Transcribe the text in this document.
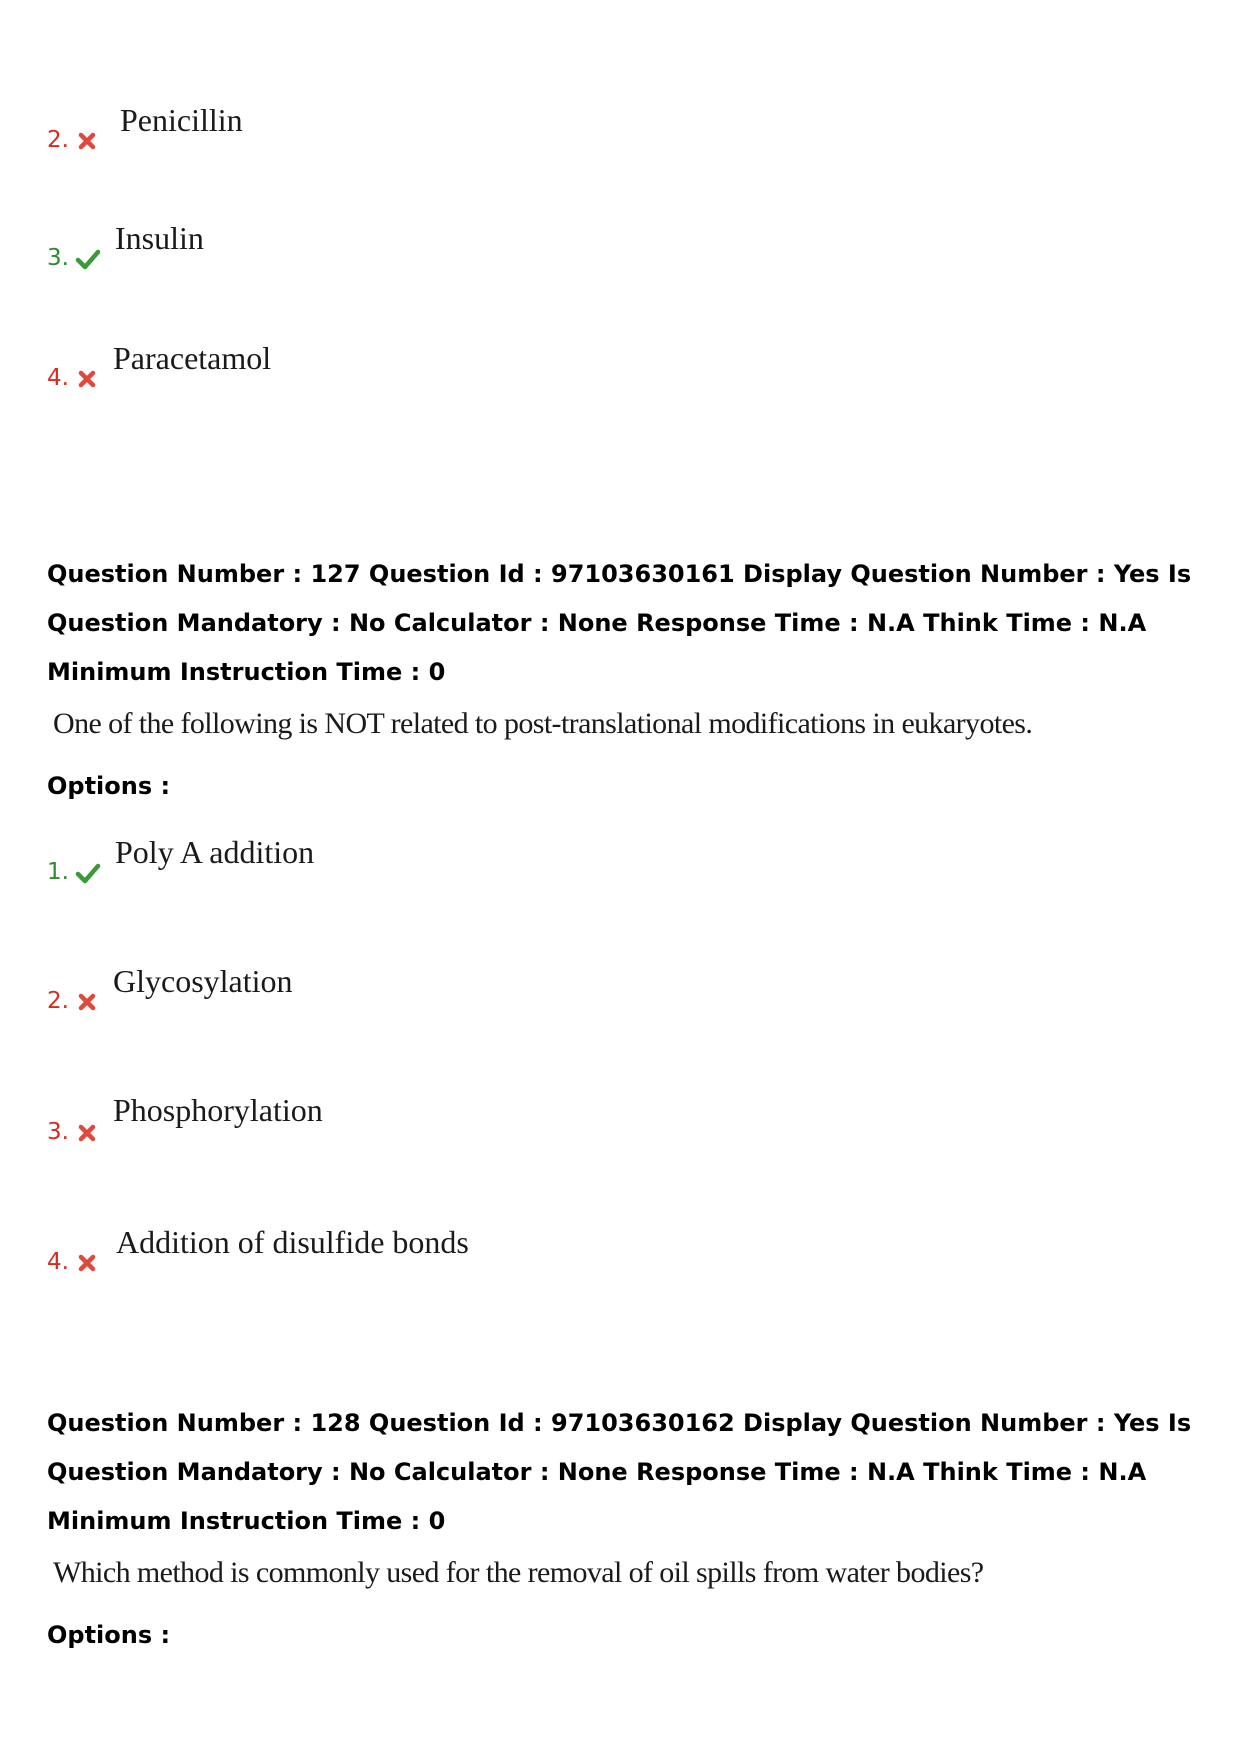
2.
Penicillin
3.
Insulin
4.
Paracetamol
Question Number : 127 Question Id : 97103630161 Display Question Number : Yes Is Question Mandatory : No Calculator : None Response Time : N.A Think Time : N.A Minimum Instruction Time : 0
One of the following is NOT related to post-translational modifications in eukaryotes.
Options :
1.
Poly A addition
2.
Glycosylation
3.
Phosphorylation
4.
Addition of disulfide bonds
Question Number : 128 Question Id : 97103630162 Display Question Number : Yes Is Question Mandatory : No Calculator : None Response Time : N.A Think Time : N.A Minimum Instruction Time : 0
Which method is commonly used for the removal of oil spills from water bodies?
Options :
